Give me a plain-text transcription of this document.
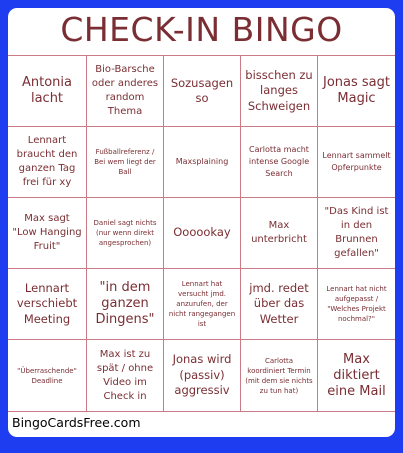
CHECK-IN BINGO
Antonia lacht
Bio-Barsche oder anderes random Thema
Sozusagen so
bisschen zu langes Schweigen
Jonas sagt Magic
Lennart braucht den ganzen Tag frei für xy
Fußballreferenz / Bei wem liegt der Ball
Maxsplaining
Carlotta macht intense Google Search
Lennart sammelt Opferpunkte
Max sagt "Low Hanging Fruit"
Daniel sagt nichts (nur wenn direkt angesprochen)
Oooookay	Max unterbricht
"Das Kind ist in den Brunnen gefallen"
Lennart verschiebt Meeting
"in dem ganzen Dingens"
Lennart hat versucht jmd. anzurufen, der nicht rangegangen ist
jmd. redet über das Wetter
Lennart hat nicht aufgepasst / "Welches Projekt nochmal?"
"Überraschende" Deadline
Max ist zu spät / ohne Video im Check in
Jonas wird (passiv) aggressiv
Carlotta koordiniert Termin (mit dem sie nichts zu tun hat)
Max diktiert eine Mail
BingoCardsFree.com
